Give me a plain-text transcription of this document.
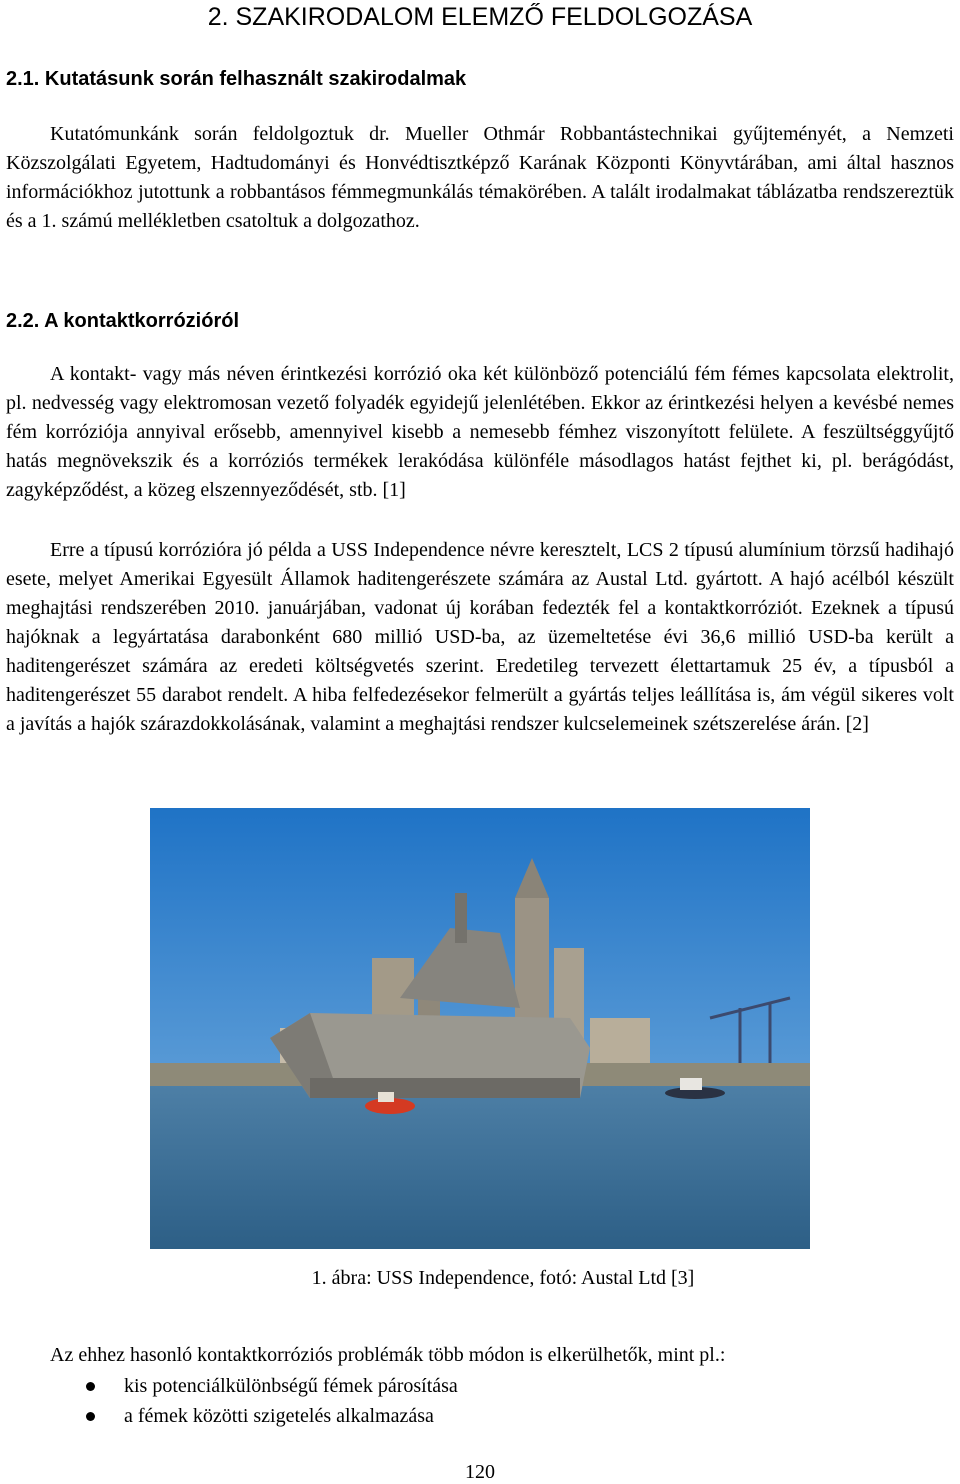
2. SZAKIRODALOM ELEMZŐ FELDOLGOZÁSA
2.1. Kutatásunk során felhasznált szakirodalmak

Kutatómunkánk során feldolgoztuk dr. Mueller Othmár Robbantástechnikai gyűjteményét, a Nemzeti Közszolgálati Egyetem, Hadtudományi és Honvédtisztképző Karának Központi Könyvtárában, ami által hasznos információkhoz jutottunk a robbantásos fémmegmunkálás témakörében. A talált irodalmakat táblázatba rendszereztük és a 1. számú mellékletben csatoltuk a dolgozathoz.

2.2. A kontaktkorrózióról

A kontakt- vagy más néven érintkezési korrózió oka két különböző potenciálú fém fémes kapcsolata elektrolit, pl. nedvesség vagy elektromosan vezető folyadék egyidejű jelenlétében. Ekkor az érintkezési helyen a kevésbé nemes fém korróziója annyival erősebb, amennyivel kisebb a nemesebb fémhez viszonyított felülete. A feszültséggyűjtő hatás megnövekszik és a korróziós termékek lerakódása különféle másodlagos hatást fejthet ki, pl. berágódást, zagyképződést, a közeg elszennyeződését, stb. [1]

Erre a típusú korrózióra jó példa a USS Independence névre keresztelt, LCS 2 típusú alumínium törzsű hadihajó esete, melyet Amerikai Egyesült Államok haditengerészete számára az Austal Ltd. gyártott. A hajó acélból készült meghajtási rendszerében 2010. januárjában, vadonat új korában fedezték fel a kontaktkorróziót. Ezeknek a típusú hajóknak a legyártatása darabonként 680 millió USD-ba, az üzemeltetése évi 36,6 millió USD-ba került a haditengerészet számára az eredeti költségvetés szerint. Eredetileg tervezett élettartamuk 25 év, a típusból a haditengerészet 55 darabot rendelt. A hiba felfedezésekor felmerült a gyártás teljes leállítása is, ám végül sikeres volt a javítás a hajók szárazdokkolásának, valamint a meghajtási rendszer kulcselemeinek szétszerelése árán. [2]

1. ábra: USS Independence, fotó: Austal Ltd [3]
Az ehhez hasonló kontaktkorróziós problémák több módon is elkerülhetők, mint pl.:
kis potenciálkülönbségű fémek párosítása
a fémek közötti szigetelés alkalmazása
120
